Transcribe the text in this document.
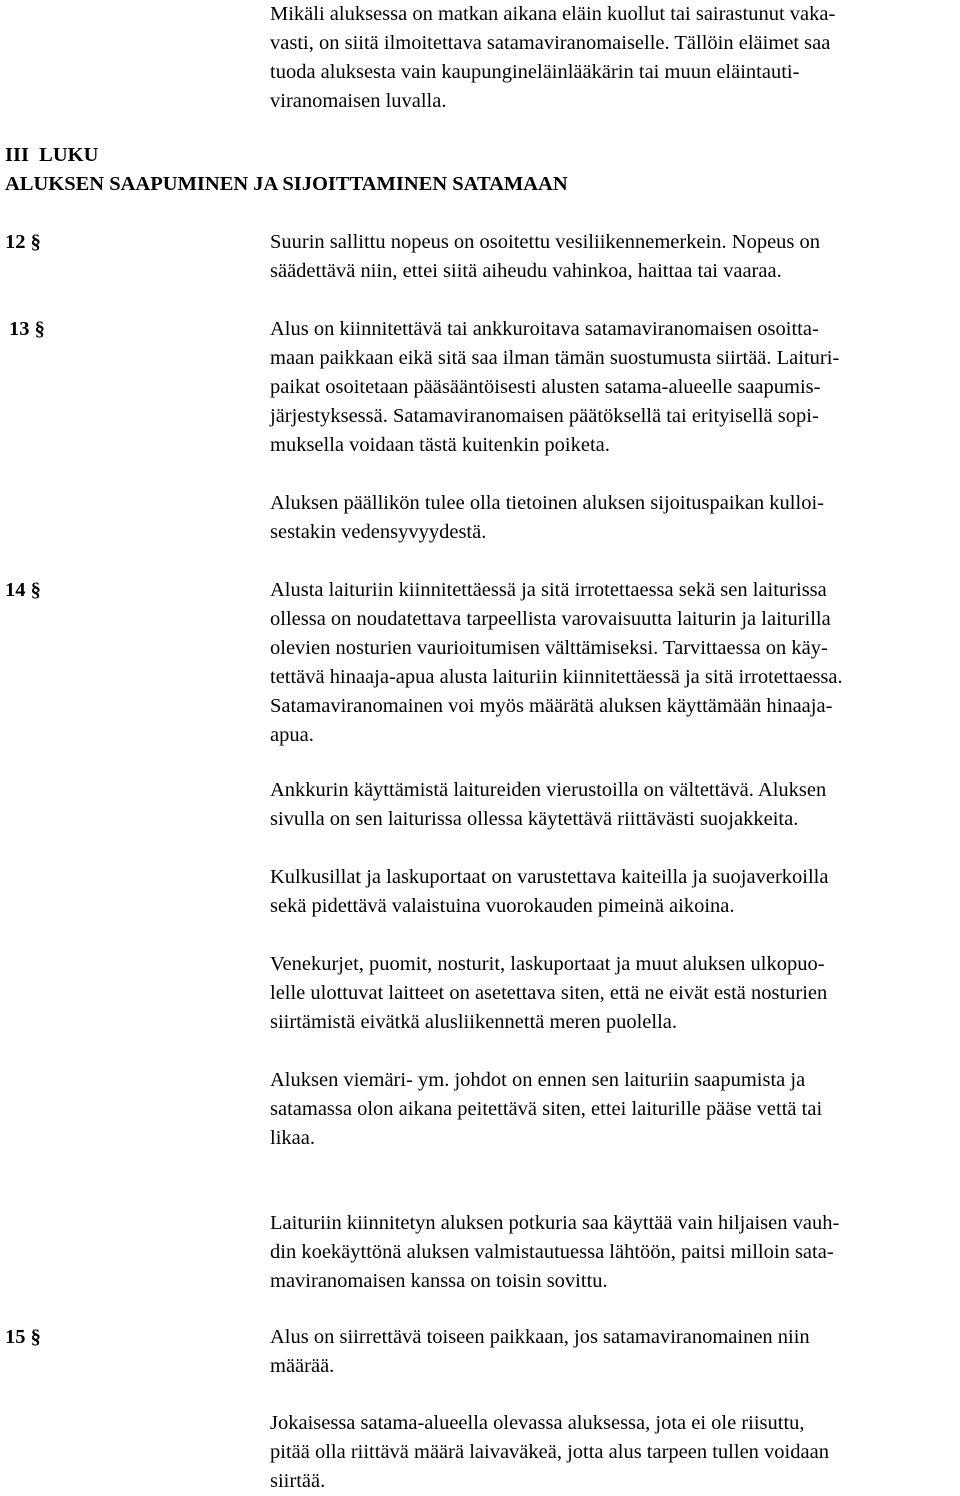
Mikäli aluksessa on matkan aikana eläin kuollut tai sairastunut vaka-
vasti, on siitä ilmoitettava satamaviranomaiselle. Tällöin eläimet saa
tuoda aluksesta vain kaupungineläinlääkärin tai muun eläintauti-
viranomaisen luvalla.
III  LUKU
ALUKSEN SAAPUMINEN JA SIJOITTAMINEN SATAMAAN
12 §	Suurin sallittu nopeus on osoitettu vesiliikennemerkein. Nopeus on
säädettävä niin, ettei siitä aiheudu vahinkoa, haittaa tai vaaraa.
13 §	Alus on kiinnitettävä tai ankkuroitava satamaviranomaisen osoitta-
maan paikkaan eikä sitä saa ilman tämän suostumusta siirtää. Laituri-
paikat osoitetaan pääsääntöisesti alusten satama-alueelle saapumis-
järjestyksessä. Satamaviranomaisen päätöksellä tai erityisellä sopi-
muksella voidaan tästä kuitenkin poiketa.
Aluksen päällikön tulee olla tietoinen aluksen sijoituspaikan kulloi-
sestakin vedensyvyydestä.
14 §	Alusta laituriin kiinnitettäessä ja sitä irrotettaessa sekä sen laiturissa
ollessa on noudatettava tarpeellista varovaisuutta laiturin ja laiturilla
olevien nosturien vaurioitumisen välttämiseksi. Tarvittaessa on käy-
tettävä hinaaja-apua alusta laituriin kiinnitettäessä ja sitä irrotettaessa.
Satamaviranomainen voi myös määrätä aluksen käyttämään hinaaja-
apua.
Ankkurin käyttämistä laitureiden vierustoilla on vältettävä. Aluksen
sivulla on sen laiturissa ollessa käytettävä riittävästi suojakkeita.
Kulkusillat ja laskuportaat on varustettava kaiteilla ja suojaverkoilla
sekä pidettävä valaistuina vuorokauden pimeinä aikoina.
Venekurjet, puomit, nosturit, laskuportaat ja muut aluksen ulkopuo-
lelle ulottuvat laitteet on asetettava siten, että ne eivät estä nosturien
siirtämistä eivätkä alusliikennettä meren puolella.
Aluksen viemäri- ym. johdot on ennen sen laituriin saapumista ja
satamassa olon aikana peitettävä siten, ettei laiturille pääse vettä tai
likaa.
Laituriin kiinnitetyn aluksen potkuria saa käyttää vain hiljaisen vauh-
din koekäyttönä aluksen valmistautuessa lähtöön, paitsi milloin sata-
maviranomaisen kanssa on toisin sovittu.
15 §	Alus on siirrettävä toiseen paikkaan, jos satamaviranomainen niin
määrää.
Jokaisessa satama-alueella olevassa aluksessa, jota ei ole riisuttu,
pitää olla riittävä määrä laivaväkeä, jotta alus tarpeen tullen voidaan
siirtää.
